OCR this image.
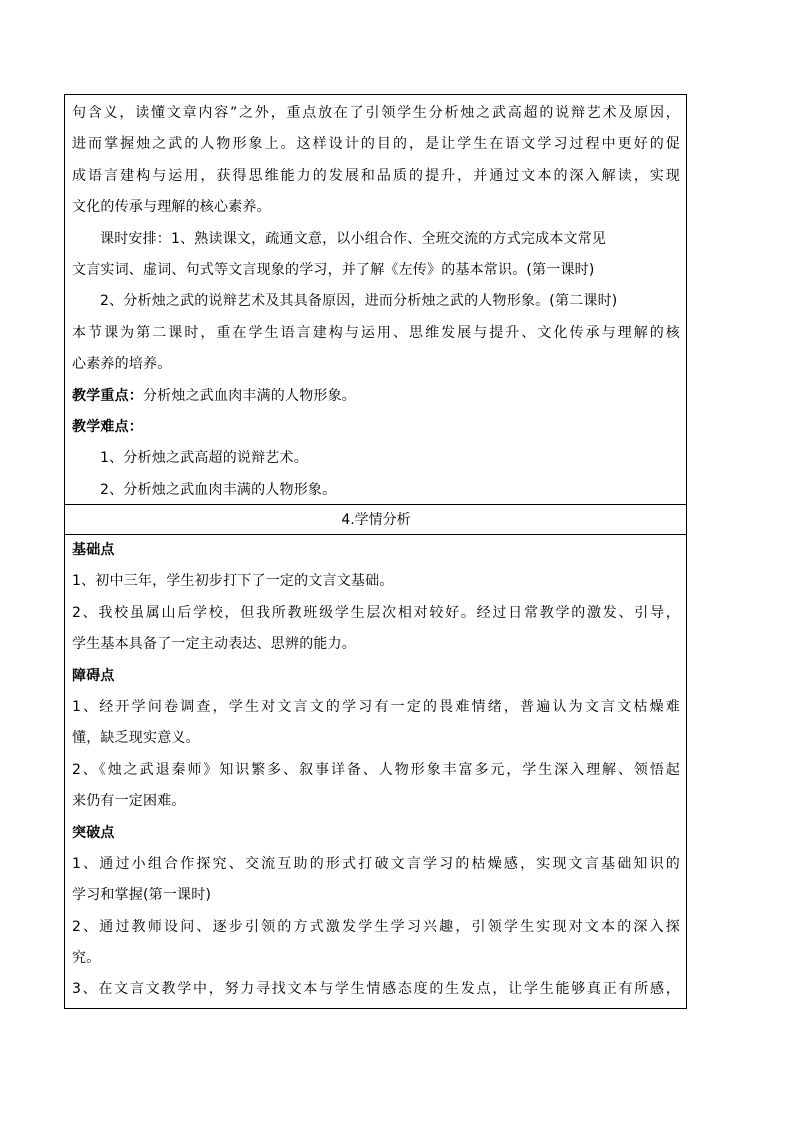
句含义，读懂文章内容”之外，重点放在了引领学生分析烛之武高超的说辩艺术及原因，
进而掌握烛之武的人物形象上。这样设计的目的，是让学生在语文学习过程中更好的促
成语言建构与运用，获得思维能力的发展和品质的提升，并通过文本的深入解读，实现
文化的传承与理解的核心素养。
课时安排：1、熟读课文，疏通文意，以小组合作、全班交流的方式完成本文常见
文言实词、虚词、句式等文言现象的学习，并了解《左传》的基本常识。(第一课时)
2、分析烛之武的说辩艺术及其具备原因，进而分析烛之武的人物形象。(第二课时)
本节课为第二课时，重在学生语言建构与运用、思维发展与提升、文化传承与理解的核
心素养的培养。
教学重点：分析烛之武血肉丰满的人物形象。
教学难点：
1、分析烛之武高超的说辩艺术。
2、分析烛之武血肉丰满的人物形象。
4.学情分析
基础点
1、初中三年，学生初步打下了一定的文言文基础。
2、我校虽属山后学校，但我所教班级学生层次相对较好。经过日常教学的激发、引导，
学生基本具备了一定主动表达、思辨的能力。
障碍点
1、经开学问卷调查，学生对文言文的学习有一定的畏难情绪，普遍认为文言文枯燥难
懂，缺乏现实意义。
2、《烛之武退秦师》知识繁多、叙事详备、人物形象丰富多元，学生深入理解、领悟起
来仍有一定困难。
突破点
1、通过小组合作探究、交流互助的形式打破文言学习的枯燥感，实现文言基础知识的
学习和掌握(第一课时)
2、通过教师设问、逐步引领的方式激发学生学习兴趣，引领学生实现对文本的深入探
究。
3、在文言文教学中，努力寻找文本与学生情感态度的生发点，让学生能够真正有所感，
